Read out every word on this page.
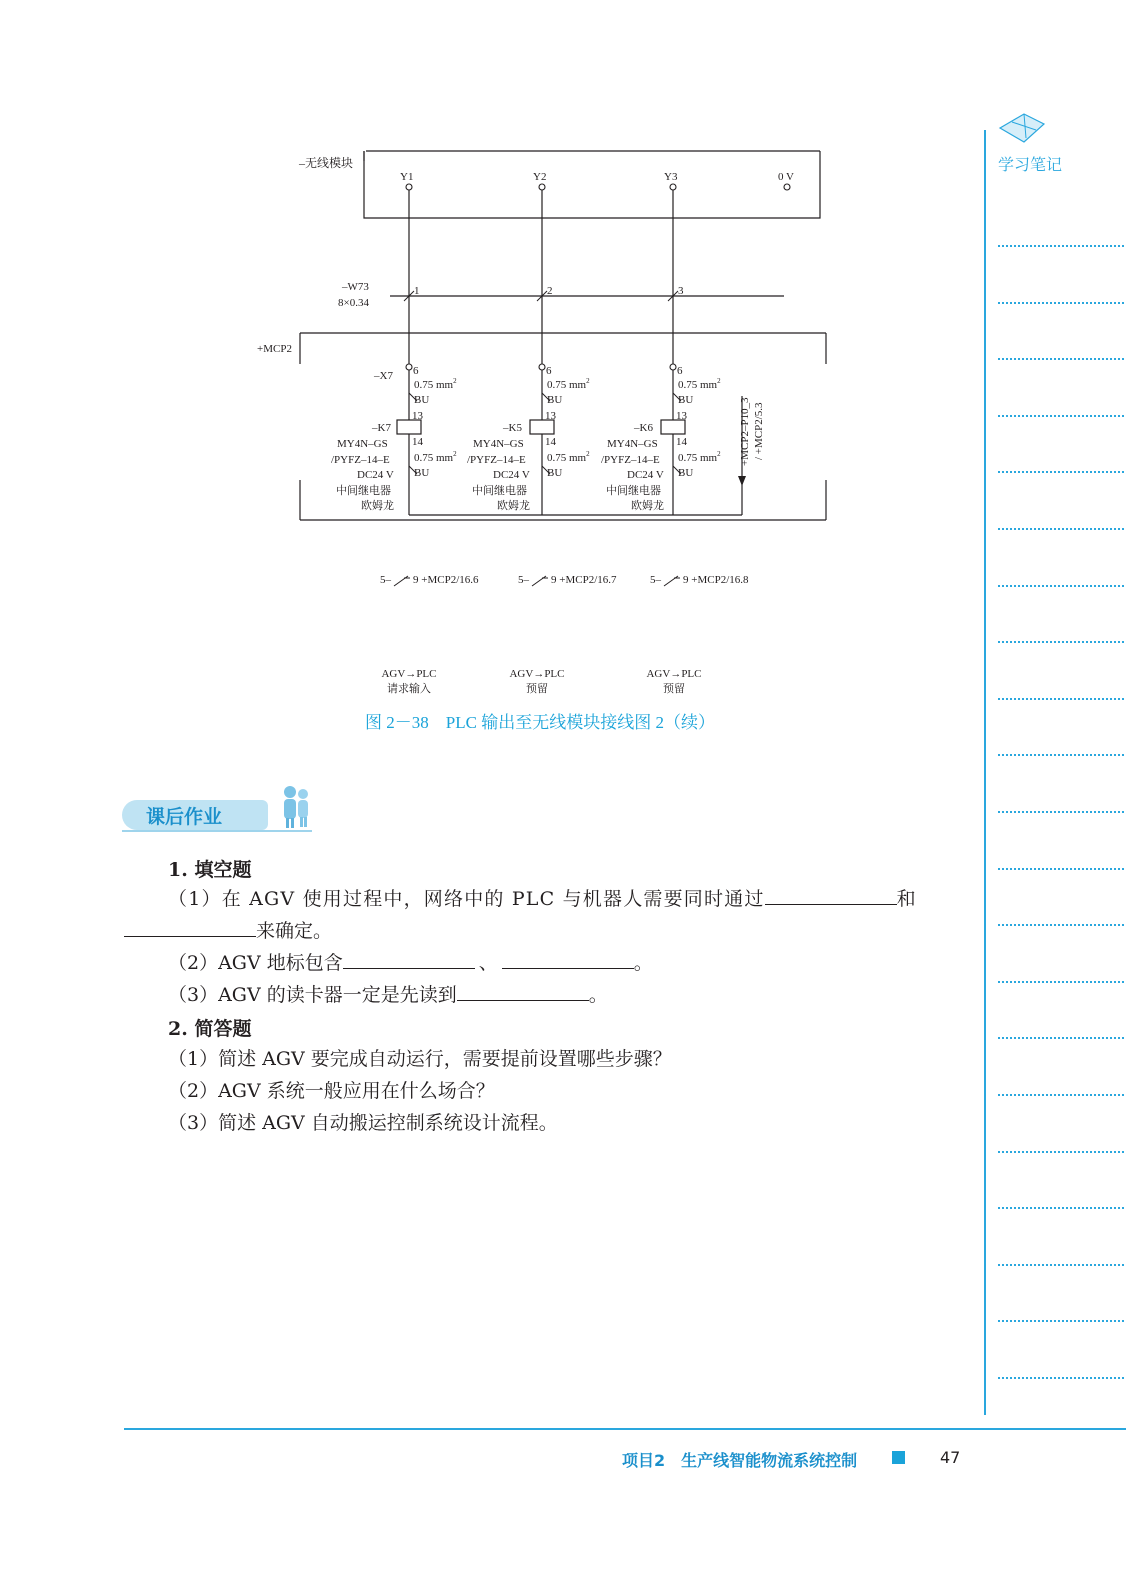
–无线模块
Y1	Y2	Y3	0 V
–W73
8×0.34
1	2	3
+MCP2
–X7 6
0.75 $mm^2$
BU
13
–K7
14
MY4N–GS
/PYFZ–14–E 0.75 $mm^2$
DC24 V BU
中间继电器
欧姆龙
6
0.75 $mm^2$
BU
13
–K5
14
MY4N–GS
/PYFZ–14–E 0.75 $mm^2$
DC24 V BU
中间继电器
欧姆龙
6
0.75 $mm^2$
BU
13
–K6
14
MY4N–GS
/PYFZ–14–E 0.75 $mm^2$
DC24 V BU
中间继电器
欧姆龙
+MCP2–P10_3 / +MCP2/5.3
5– 9 +MCP2/16.6	5– 9 +MCP2/16.7	5– 9 +MCP2/16.8
AGV→PLC
请求输入
AGV→PLC
预留
AGV→PLC
预留
图 2－38　PLC 输出至无线模块接线图 2（续）
学习笔记
课后作业
1. 填空题
（1）在 AGV 使用过程中，网络中的 PLC 与机器人需要同时通过	和
来确定。
（2）AGV 地标包含	、	。
（3）AGV 的读卡器一定是先读到	。
2. 简答题
（1）简述 AGV 要完成自动运行，需要提前设置哪些步骤？
（2）AGV 系统一般应用在什么场合？
（3）简述 AGV 自动搬运控制系统设计流程。
项目2　生产线智能物流系统控制	47
